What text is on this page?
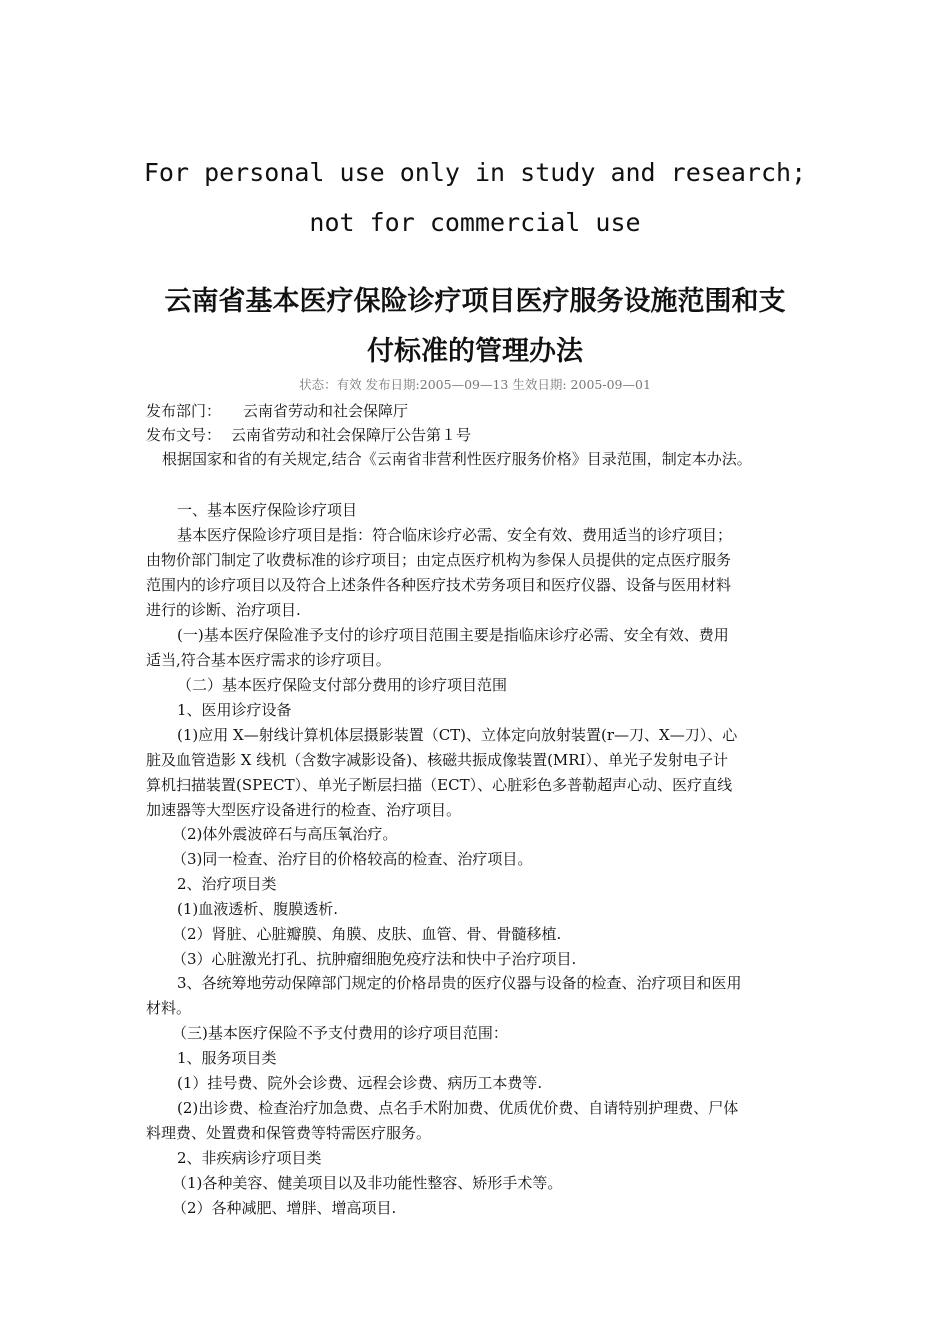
For personal use only in study and research;
not for commercial use
云南省基本医疗保险诊疗项目医疗服务设施范围和支
付标准的管理办法
状态：有效 发布日期:2005—09—13 生效日期: 2005-09—01
发布部门： 云南省劳动和社会保障厅
发布文号： 云南省劳动和社会保障厅公告第１号
根据国家和省的有关规定,结合《云南省非营利性医疗服务价格》目录范围，制定本办法。
一、基本医疗保险诊疗项目
基本医疗保险诊疗项目是指：符合临床诊疗必需、安全有效、费用适当的诊疗项目；
由物价部门制定了收费标准的诊疗项目；由定点医疗机构为参保人员提供的定点医疗服务
范围内的诊疗项目以及符合上述条件各种医疗技术劳务项目和医疗仪器、设备与医用材料
进行的诊断、治疗项目.
(一)基本医疗保险准予支付的诊疗项目范围主要是指临床诊疗必需、安全有效、费用
适当,符合基本医疗需求的诊疗项目。
（二）基本医疗保险支付部分费用的诊疗项目范围
1、医用诊疗设备
(1)应用 X—射线计算机体层摄影装置（CT)、立体定向放射装置(r—刀、X—刀）、心
脏及血管造影 X 线机（含数字减影设备)、核磁共振成像装置(MRI）、单光子发射电子计
算机扫描装置(SPECT）、单光子断层扫描（ECT）、心脏彩色多普勒超声心动、医疗直线
加速器等大型医疗设备进行的检查、治疗项目。
（2)体外震波碎石与高压氧治疗。
（3)同一检查、治疗目的价格较高的检查、治疗项目。
2、治疗项目类
(1)血液透析、腹膜透析.
（2）肾脏、心脏瓣膜、角膜、皮肤、血管、骨、骨髓移植.
（3）心脏激光打孔、抗肿瘤细胞免疫疗法和快中子治疗项目.
3、各统筹地劳动保障部门规定的价格昂贵的医疗仪器与设备的检查、治疗项目和医用
材料。
（三)基本医疗保险不予支付费用的诊疗项目范围：
1、服务项目类
(1）挂号费、院外会诊费、远程会诊费、病历工本费等.
(2)出诊费、检查治疗加急费、点名手术附加费、优质优价费、自请特别护理费、尸体
料理费、处置费和保管费等特需医疗服务。
2、非疾病诊疗项目类
（1)各种美容、健美项目以及非功能性整容、矫形手术等。
（2）各种减肥、增胖、增高项目.
